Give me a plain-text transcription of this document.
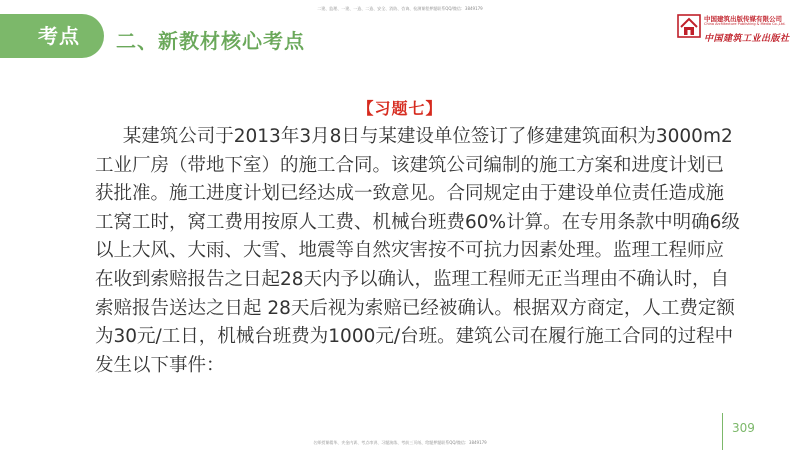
二建、监理、一建、一造、二造、安全、消防、咨询、检测课程押题联系QQ/微信：3849179
考点 二、新教材核心考点
中国建筑出版传媒有限公司
China Architecture Publishing & Media Co.,Ltd.
中国建筑工业出版社
【习题七】
某建筑公司于2013年3月8日与某建设单位签订了修建建筑面积为3000m2
工业厂房（带地下室）的施工合同。该建筑公司编制的施工方案和进度计划已
获批准。施工进度计划已经达成一致意见。合同规定由于建设单位责任造成施
工窝工时，窝工费用按原人工费、机械台班费60%计算。在专用条款中明确6级
以上大风、大雨、大雪、地震等自然灾害按不可抗力因素处理。监理工程师应
在收到索赔报告之日起28天内予以确认，监理工程师无正当理由不确认时，自
索赔报告送达之日起 28天后视为索赔已经被确认。根据双方商定，人工费定额
为30元/工日，机械台班费为1000元/台班。建筑公司在履行施工合同的过程中
发生以下事件：
309
名师授课精华、夹金内训、考点串讲、习题演练、考前三页纸、给题押题联系QQ/微信：3849179
